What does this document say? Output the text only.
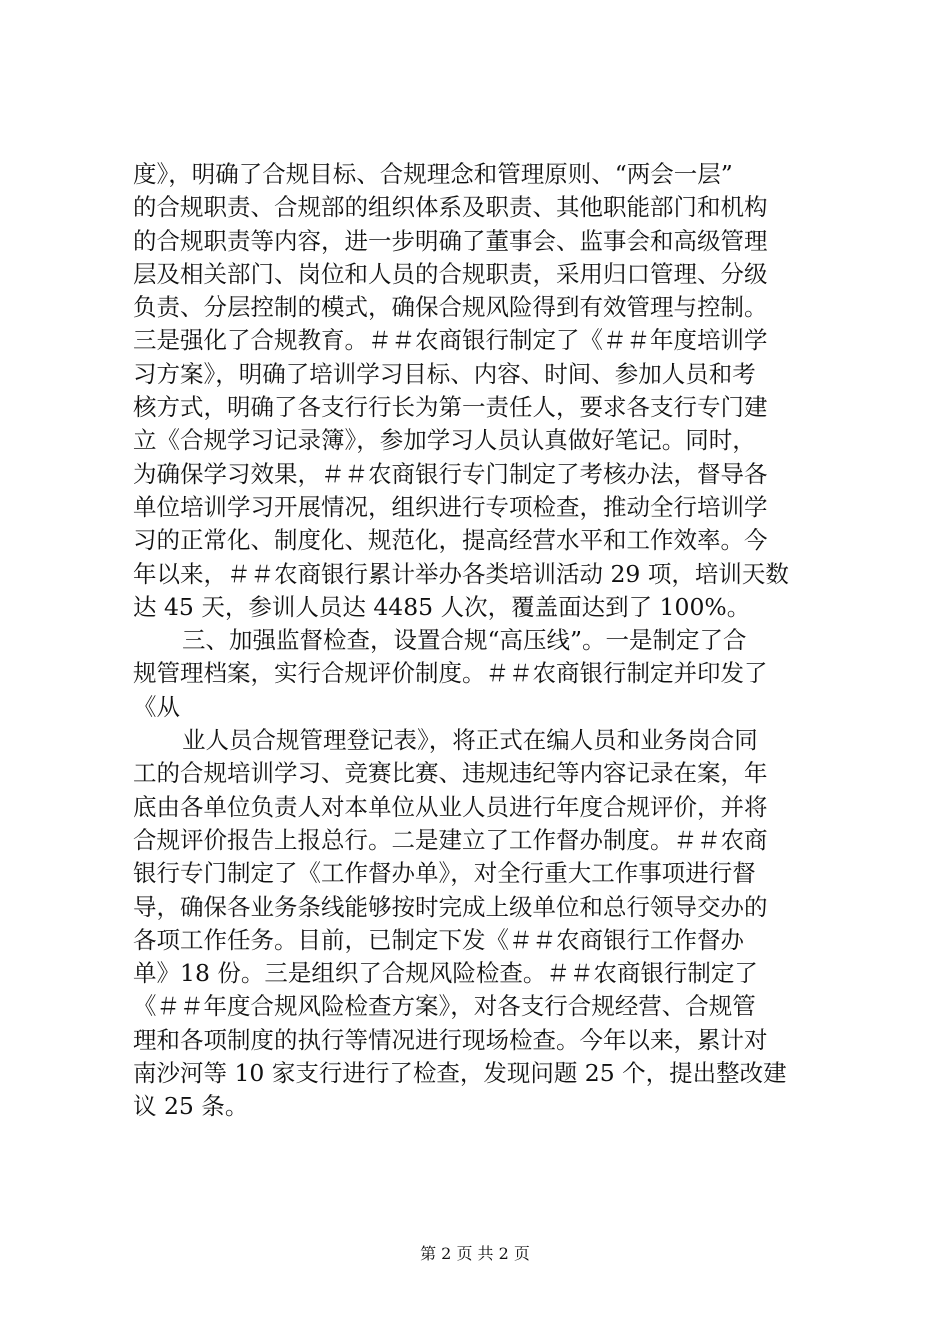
度》，明确了合规目标、合规理念和管理原则、“两会一层”
的合规职责、合规部的组织体系及职责、其他职能部门和机构
的合规职责等内容，进一步明确了董事会、监事会和高级管理
层及相关部门、岗位和人员的合规职责，采用归口管理、分级
负责、分层控制的模式，确保合规风险得到有效管理与控制。
三是强化了合规教育。＃＃农商银行制定了《＃＃年度培训学
习方案》，明确了培训学习目标、内容、时间、参加人员和考
核方式，明确了各支行行长为第一责任人，要求各支行专门建
立《合规学习记录簿》，参加学习人员认真做好笔记。同时，
为确保学习效果，＃＃农商银行专门制定了考核办法，督导各
单位培训学习开展情况，组织进行专项检查，推动全行培训学
习的正常化、制度化、规范化，提高经营水平和工作效率。今
年以来，＃＃农商银行累计举办各类培训活动 29 项，培训天数
达 45 天，参训人员达 4485 人次，覆盖面达到了 100%。
三、加强监督检查，设置合规“高压线”。一是制定了合
规管理档案，实行合规评价制度。＃＃农商银行制定并印发了
《从
业人员合规管理登记表》，将正式在编人员和业务岗合同
工的合规培训学习、竞赛比赛、违规违纪等内容记录在案，年
底由各单位负责人对本单位从业人员进行年度合规评价，并将
合规评价报告上报总行。二是建立了工作督办制度。＃＃农商
银行专门制定了《工作督办单》，对全行重大工作事项进行督
导，确保各业务条线能够按时完成上级单位和总行领导交办的
各项工作任务。目前，已制定下发《＃＃农商银行工作督办
单》18 份。三是组织了合规风险检查。＃＃农商银行制定了
《＃＃年度合规风险检查方案》，对各支行合规经营、合规管
理和各项制度的执行等情况进行现场检查。今年以来，累计对
南沙河等 10 家支行进行了检查，发现问题 25 个，提出整改建
议 25 条。
第 2 页 共 2 页
